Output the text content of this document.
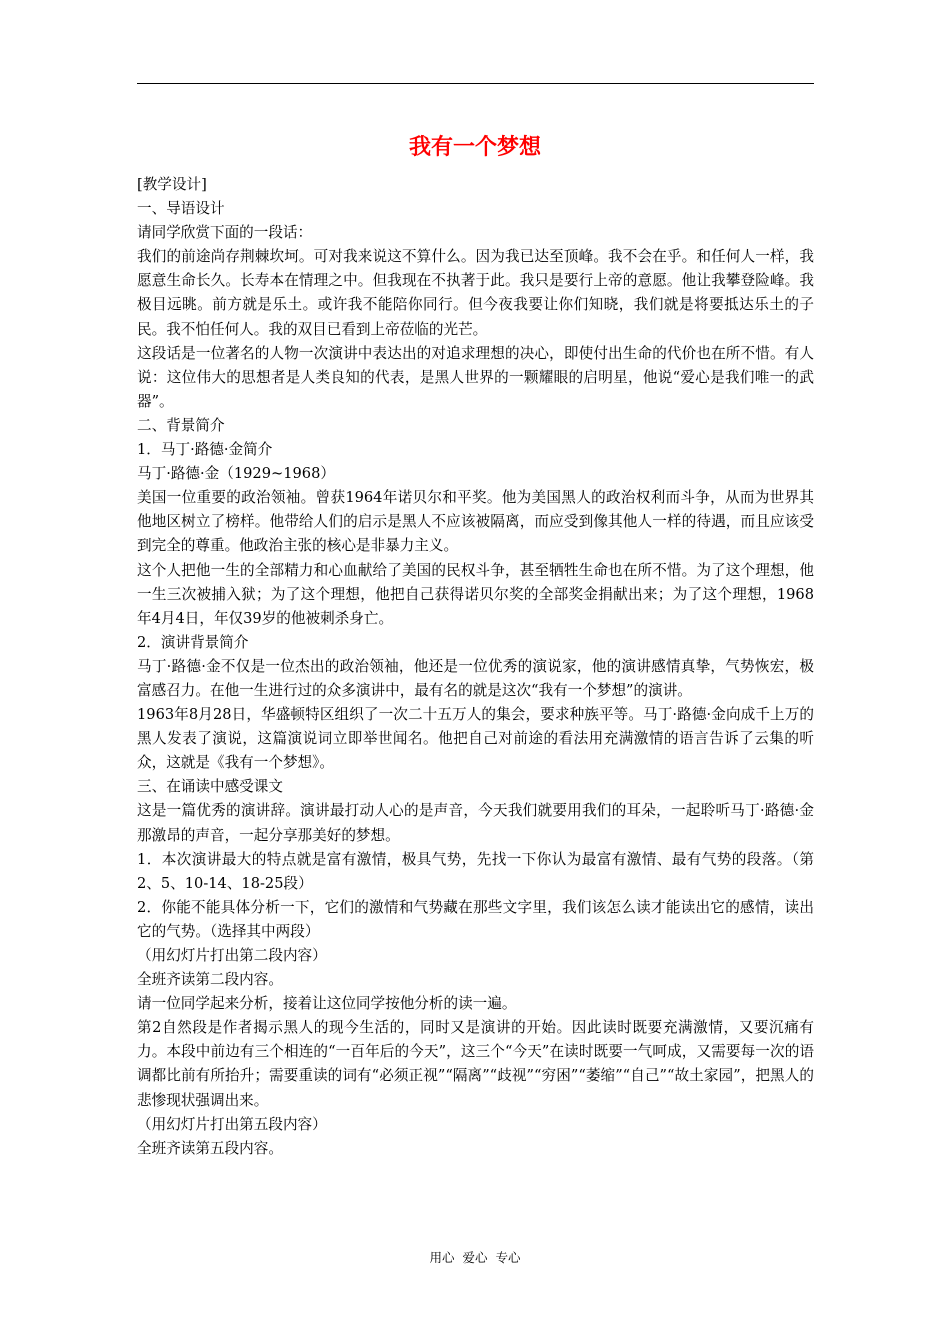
我有一个梦想

[教学设计]

一、导语设计

请同学欣赏下面的一段话：

我们的前途尚存荆棘坎坷。可对我来说这不算什么。因为我已达至顶峰。我不会在乎。和任何人一样，我愿意生命长久。长寿本在情理之中。但我现在不执著于此。我只是要行上帝的意愿。他让我攀登险峰。我极目远眺。前方就是乐土。或许我不能陪你同行。但今夜我要让你们知晓，我们就是将要抵达乐土的子民。我不怕任何人。我的双目已看到上帝莅临的光芒。

这段话是一位著名的人物一次演讲中表达出的对追求理想的决心，即使付出生命的代价也在所不惜。有人说：这位伟大的思想者是人类良知的代表，是黑人世界的一颗耀眼的启明星，他说“爱心是我们唯一的武器”。

二、背景简介

1．马丁·路德·金简介

马丁·路德·金（1929~1968）

美国一位重要的政治领袖。曾获1964年诺贝尔和平奖。他为美国黑人的政治权利而斗争，从而为世界其他地区树立了榜样。他带给人们的启示是黑人不应该被隔离，而应受到像其他人一样的待遇，而且应该受到完全的尊重。他政治主张的核心是非暴力主义。

这个人把他一生的全部精力和心血献给了美国的民权斗争，甚至牺牲生命也在所不惜。为了这个理想，他一生三次被捕入狱；为了这个理想，他把自己获得诺贝尔奖的全部奖金捐献出来；为了这个理想，1968年4月4日，年仅39岁的他被刺杀身亡。

2．演讲背景简介

马丁·路德·金不仅是一位杰出的政治领袖，他还是一位优秀的演说家，他的演讲感情真挚，气势恢宏，极富感召力。在他一生进行过的众多演讲中，最有名的就是这次“我有一个梦想”的演讲。

1963年8月28日，华盛顿特区组织了一次二十五万人的集会，要求种族平等。马丁·路德·金向成千上万的黑人发表了演说，这篇演说词立即举世闻名。他把自己对前途的看法用充满激情的语言告诉了云集的听众，这就是《我有一个梦想》。

三、在诵读中感受课文

这是一篇优秀的演讲辞。演讲最打动人心的是声音，今天我们就要用我们的耳朵，一起聆听马丁·路德·金那激昂的声音，一起分享那美好的梦想。

1．本次演讲最大的特点就是富有激情，极具气势，先找一下你认为最富有激情、最有气势的段落。（第2、5、10-14、18-25段）

2．你能不能具体分析一下，它们的激情和气势藏在那些文字里，我们该怎么读才能读出它的感情，读出它的气势。（选择其中两段）

（用幻灯片打出第二段内容）

全班齐读第二段内容。

请一位同学起来分析，接着让这位同学按他分析的读一遍。

第2自然段是作者揭示黑人的现今生活的，同时又是演讲的开始。因此读时既要充满激情，又要沉痛有力。本段中前边有三个相连的“一百年后的今天”，这三个“今天”在读时既要一气呵成，又需要每一次的语调都比前有所抬升；需要重读的词有“必须正视”“隔离”“歧视”“穷困”“萎缩”“自己”“故土家园”，把黑人的悲惨现状强调出来。

（用幻灯片打出第五段内容）

全班齐读第五段内容。

用心 爱心 专心
